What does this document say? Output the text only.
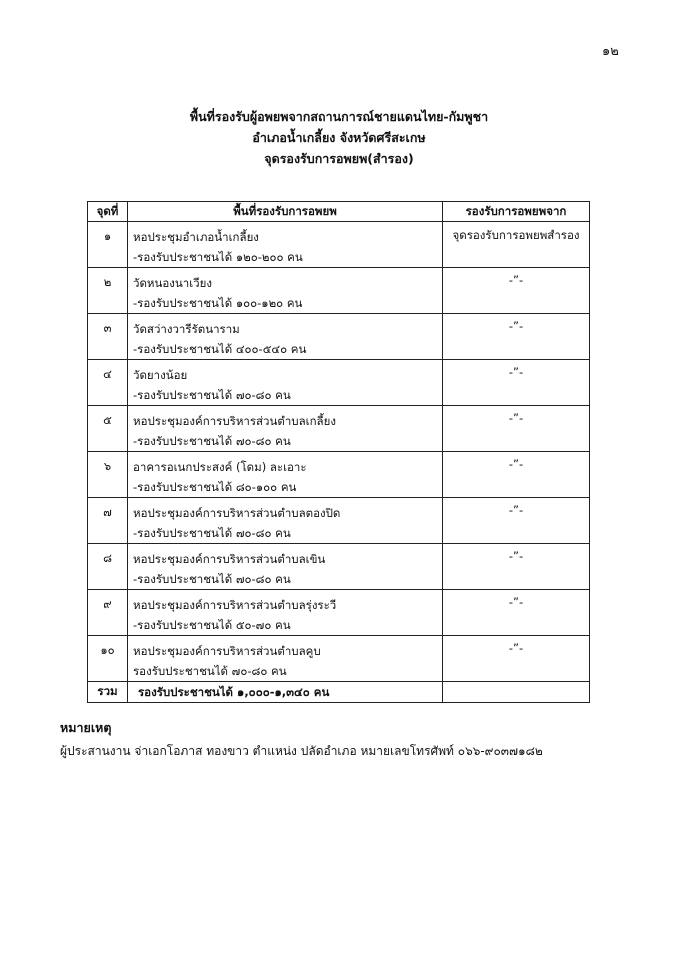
๑๒
พื้นที่รองรับผู้อพยพจากสถานการณ์ชายแดนไทย-กัมพูชา
อำเภอน้ำเกลี้ยง จังหวัดศรีสะเกษ
จุดรองรับการอพยพ(สำรอง)
จุดที่	พื้นที่รองรับการอพยพ	รองรับการอพยพจาก
๑	หอประชุมอำเภอน้ำเกลี้ยง
-รองรับประชาชนได้ ๑๒๐-๒๐๐ คน	จุดรองรับการอพยพสำรอง
๒	วัดหนองนาเวียง
-รองรับประชาชนได้ ๑๐๐-๑๒๐ คน	-”-
๓	วัดสว่างวารีรัตนาราม
-รองรับประชาชนได้ ๔๐๐-๕๔๐ คน	-”-
๔	วัดยางน้อย
-รองรับประชาชนได้ ๗๐-๘๐ คน	-”-
๕	หอประชุมองค์การบริหารส่วนตำบลเกลี้ยง
-รองรับประชาชนได้ ๗๐-๘๐ คน	-”-
๖	อาคารอเนกประสงค์ (โดม) ละเอาะ
-รองรับประชาชนได้ ๘๐-๑๐๐ คน	-”-
๗	หอประชุมองค์การบริหารส่วนตำบลตองปิด
-รองรับประชาชนได้ ๗๐-๘๐ คน	-”-
๘	หอประชุมองค์การบริหารส่วนตำบลเขิน
-รองรับประชาชนได้ ๗๐-๘๐ คน	-”-
๙	หอประชุมองค์การบริหารส่วนตำบลรุ่งระวี
-รองรับประชาชนได้ ๕๐-๗๐ คน	-”-
๑๐	หอประชุมองค์การบริหารส่วนตำบลคูบ
รองรับประชาชนได้ ๗๐-๘๐ คน	-”-
รวม	รองรับประชาชนได้ ๑,๐๐๐-๑,๓๔๐ คน	
หมายเหตุ
ผู้ประสานงาน จ่าเอกโอภาส ทองขาว ตำแหน่ง ปลัดอำเภอ หมายเลขโทรศัพท์ ๐๖๖-๙๐๓๗๑๘๒
